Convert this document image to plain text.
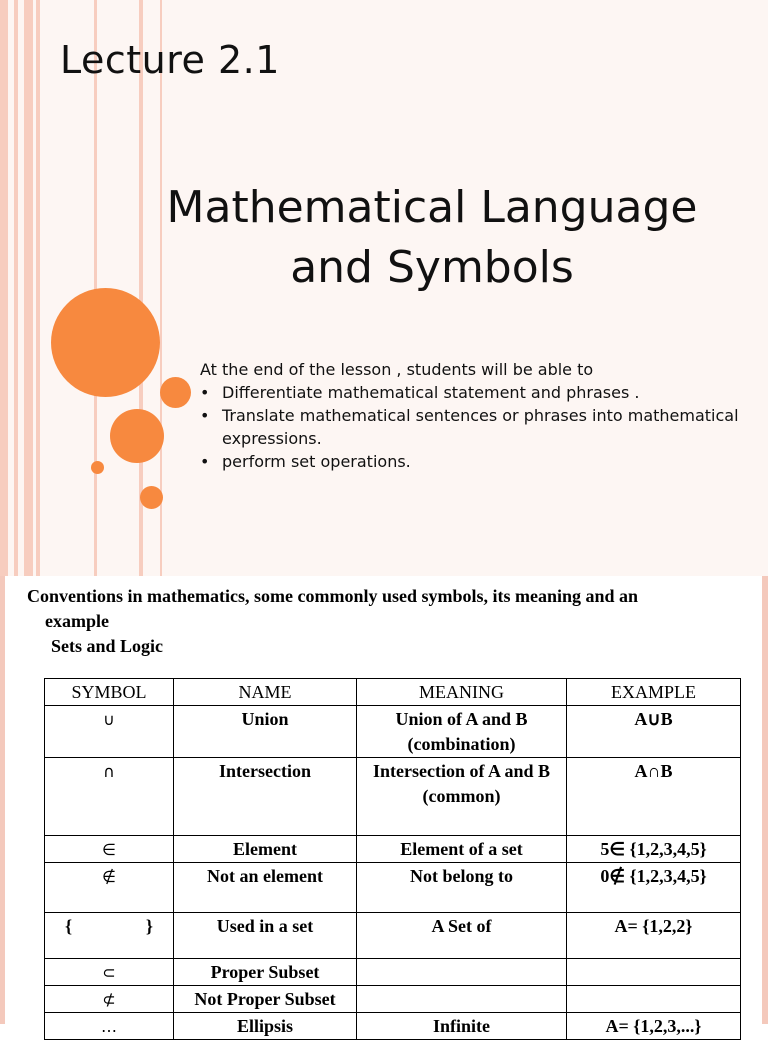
Lecture 2.1
Mathematical Language
and Symbols
At the end of the lesson , students will be able to
• Differentiate mathematical statement and phrases .
• Translate mathematical sentences or phrases into mathematical expressions.
• perform set operations.
Conventions in mathematics, some commonly used symbols, its meaning and an
example
Sets and Logic
SYMBOL	NAME	MEANING	EXAMPLE
∪	Union	Union of A and B (combination)	A∪B
∩	Intersection	Intersection of A and B (common)	A∩B
∈	Element	Element of a set	5∈ {1,2,3,4,5}
∉	Not an element	Not belong to	0∉ {1,2,3,4,5}

{ }	Used in a set	A Set of	A= {1,2,2}
⊂	Proper Subset		
⊄	Not Proper Subset		
…	Ellipsis	Infinite	A= {1,2,3,...}
